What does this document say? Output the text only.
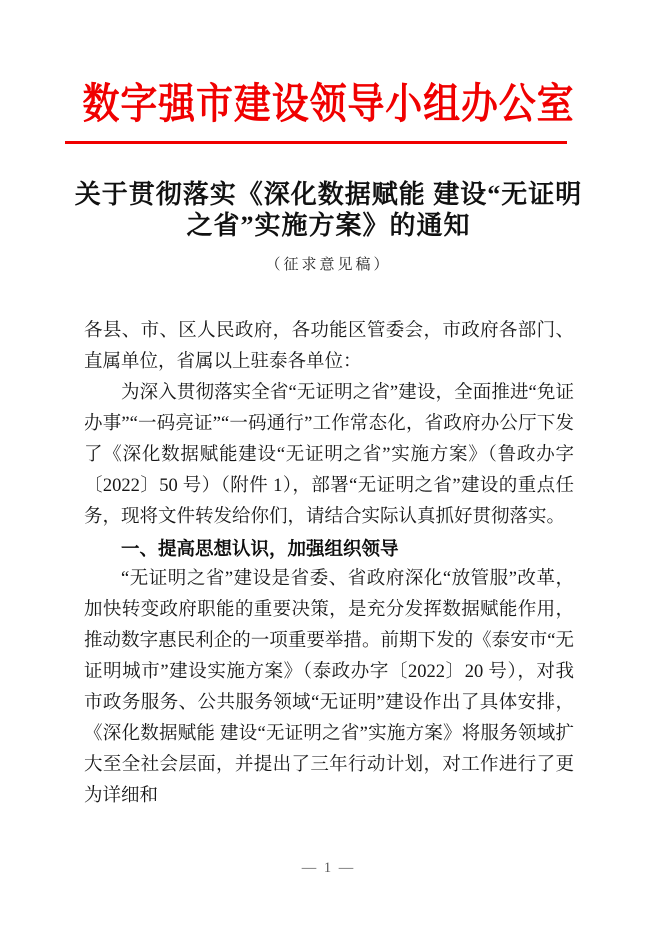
数字强市建设领导小组办公室
关于贯彻落实《深化数据赋能 建设“无证明
之省”实施方案》的通知
（征求意见稿）

各县、市、区人民政府，各功能区管委会，市政府各部门、直属单位，省属以上驻泰各单位：

为深入贯彻落实全省“无证明之省”建设，全面推进“免证办事”“一码亮证”“一码通行”工作常态化，省政府办公厅下发了《深化数据赋能建设“无证明之省”实施方案》（鲁政办字〔2022〕50 号）（附件 1），部署“无证明之省”建设的重点任务，现将文件转发给你们，请结合实际认真抓好贯彻落实。

一、提高思想认识，加强组织领导

“无证明之省”建设是省委、省政府深化“放管服”改革，加快转变政府职能的重要决策，是充分发挥数据赋能作用，推动数字惠民利企的一项重要举措。前期下发的《泰安市“无证明城市”建设实施方案》（泰政办字〔2022〕20 号），对我市政务服务、公共服务领域“无证明”建设作出了具体安排，《深化数据赋能 建设“无证明之省”实施方案》将服务领域扩大至全社会层面，并提出了三年行动计划，对工作进行了更为详细和

— 1 —
